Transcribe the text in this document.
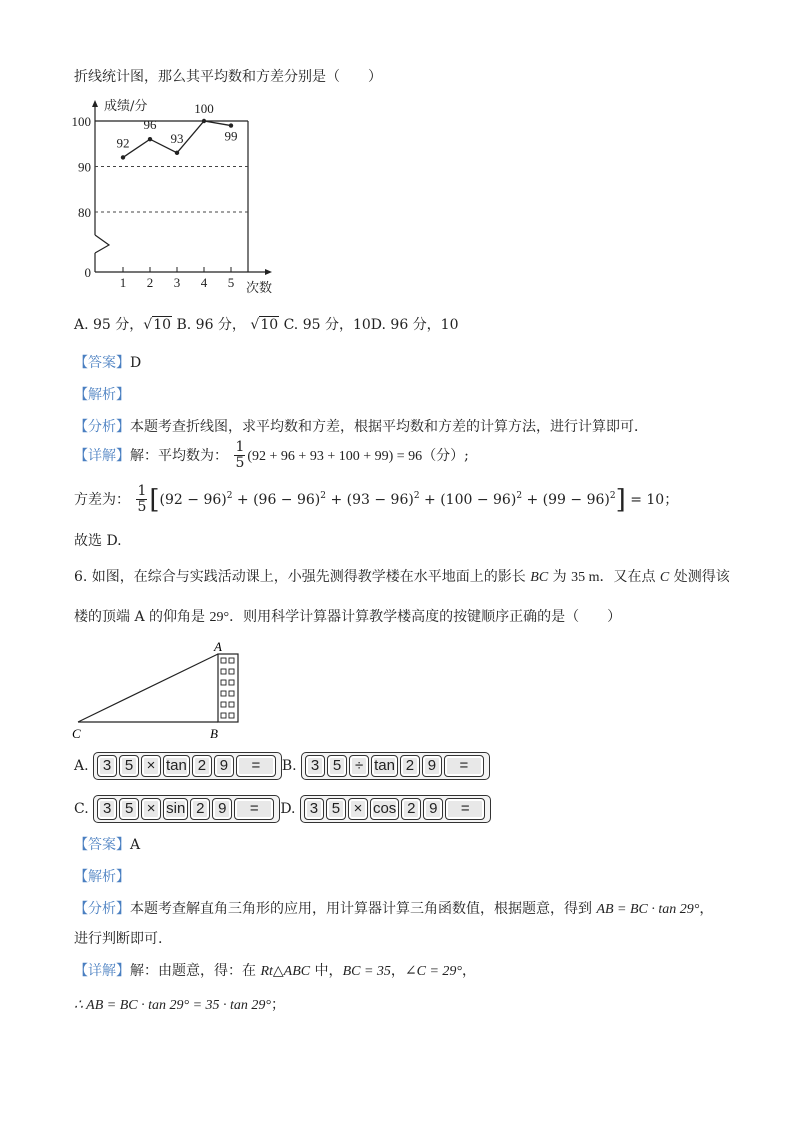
折线统计图，那么其平均数和方差分别是（　　）
成绩/分
100
90
80
0
1 2 3 4 5
92
96
93
100
99
次数
A. 95 分，√10 B. 96 分， √10 C. 95 分，10D. 96 分，10
【答案】D
【解析】
【分析】本题考查折线图，求平均数和方差，根据平均数和方差的计算方法，进行计算即可．
【详解】解：平均数为： $\frac{1}{5} (92 + 96 + 93 + 100 + 99) = 96$（分）;
方差为： $\frac{1}{5} [(92 - 96)^2 + (96 - 96)^2 + (93 - 96)^2 + (100 - 96)^2 + (99 - 96)^2] = 10$；
故选 D.
6. 如图，在综合与实践活动课上，小强先测得教学楼在水平地面上的影长 BC 为 35 m．又在点 C 处测得该
楼的顶端 A 的仰角是 29°．则用科学计算器计算教学楼高度的按键顺序正确的是（　　）
A
B
C
A. 3 5 × tan 2 9 = B. 3 5 ÷ tan 2 9 =
C. 3 5 × sin 2 9 = D. 3 5 × cos 2 9 =
【答案】A
【解析】
【分析】本题考查解直角三角形的应用，用计算器计算三角函数值，根据题意，得到 AB = BC · tan 29°，
进行判断即可.
【详解】解：由题意，得：在 Rt△ABC 中，BC = 35，∠C = 29°，
∴ AB = BC · tan 29° = 35 · tan 29°；
